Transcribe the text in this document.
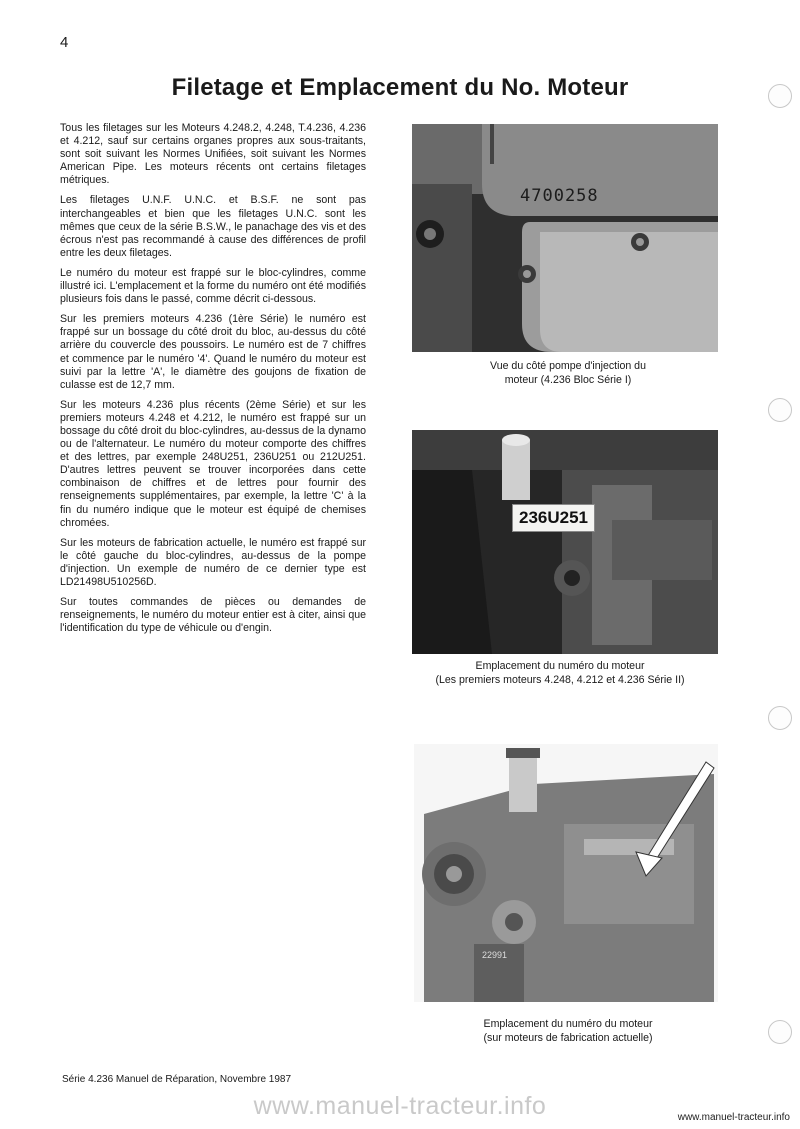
4
Filetage et Emplacement du No. Moteur

Tous les filetages sur les Moteurs 4.248.2, 4.248, T.4.236, 4.236 et 4.212, sauf sur certains organes propres aux sous-traitants, sont soit suivant les Normes Unifiées, soit suivant les Normes American Pipe. Les moteurs récents ont certains filetages métriques.

Les filetages U.N.F. U.N.C. et B.S.F. ne sont pas interchangeables et bien que les filetages U.N.C. sont les mêmes que ceux de la série B.S.W., le panachage des vis et des écrous n'est pas recommandé à cause des différences de profil entre les deux filetages.

Le numéro du moteur est frappé sur le bloc-cylindres, comme illustré ici. L'emplacement et la forme du numéro ont été modifiés plusieurs fois dans le passé, comme décrit ci-dessous.

Sur les premiers moteurs 4.236 (1ère Série) le numéro est frappé sur un bossage du côté droit du bloc, au-dessus du côté arrière du couvercle des poussoirs. Le numéro est de 7 chiffres et commence par le numéro '4'. Quand le numéro du moteur est suivi par la lettre 'A', le diamètre des goujons de fixation de culasse est de 12,7 mm.

Sur les moteurs 4.236 plus récents (2ème Série) et sur les premiers moteurs 4.248 et 4.212, le numéro est frappé sur un bossage du côté droit du bloc-cylindres, au-dessus de la dynamo ou de l'alternateur. Le numéro du moteur comporte des chiffres et des lettres, par exemple 248U251, 236U251 ou 212U251. D'autres lettres peuvent se trouver incorporées dans cette combinaison de chiffres et de lettres pour fournir des renseignements supplémentaires, par exemple, la lettre 'C' à la fin du numéro indique que le moteur est équipé de chemises chromées.

Sur les moteurs de fabrication actuelle, le numéro est frappé sur le côté gauche du bloc-cylindres, au-dessus de la pompe d'injection. Un exemple de numéro de ce dernier type est LD21498U510256D.

Sur toutes commandes de pièces ou demandes de renseignements, le numéro du moteur entier est à citer, ainsi que l'identification du type de véhicule ou d'engin.

4700258
Vue du côté pompe d'injection du
moteur (4.236 Bloc Série I)
236U251
Emplacement du numéro du moteur
(Les premiers moteurs 4.248, 4.212 et 4.236 Série II)
22991
Emplacement du numéro du moteur
(sur moteurs de fabrication actuelle)
Série 4.236 Manuel de Réparation, Novembre 1987
www.manuel-tracteur.info	www.manuel-tracteur.info
